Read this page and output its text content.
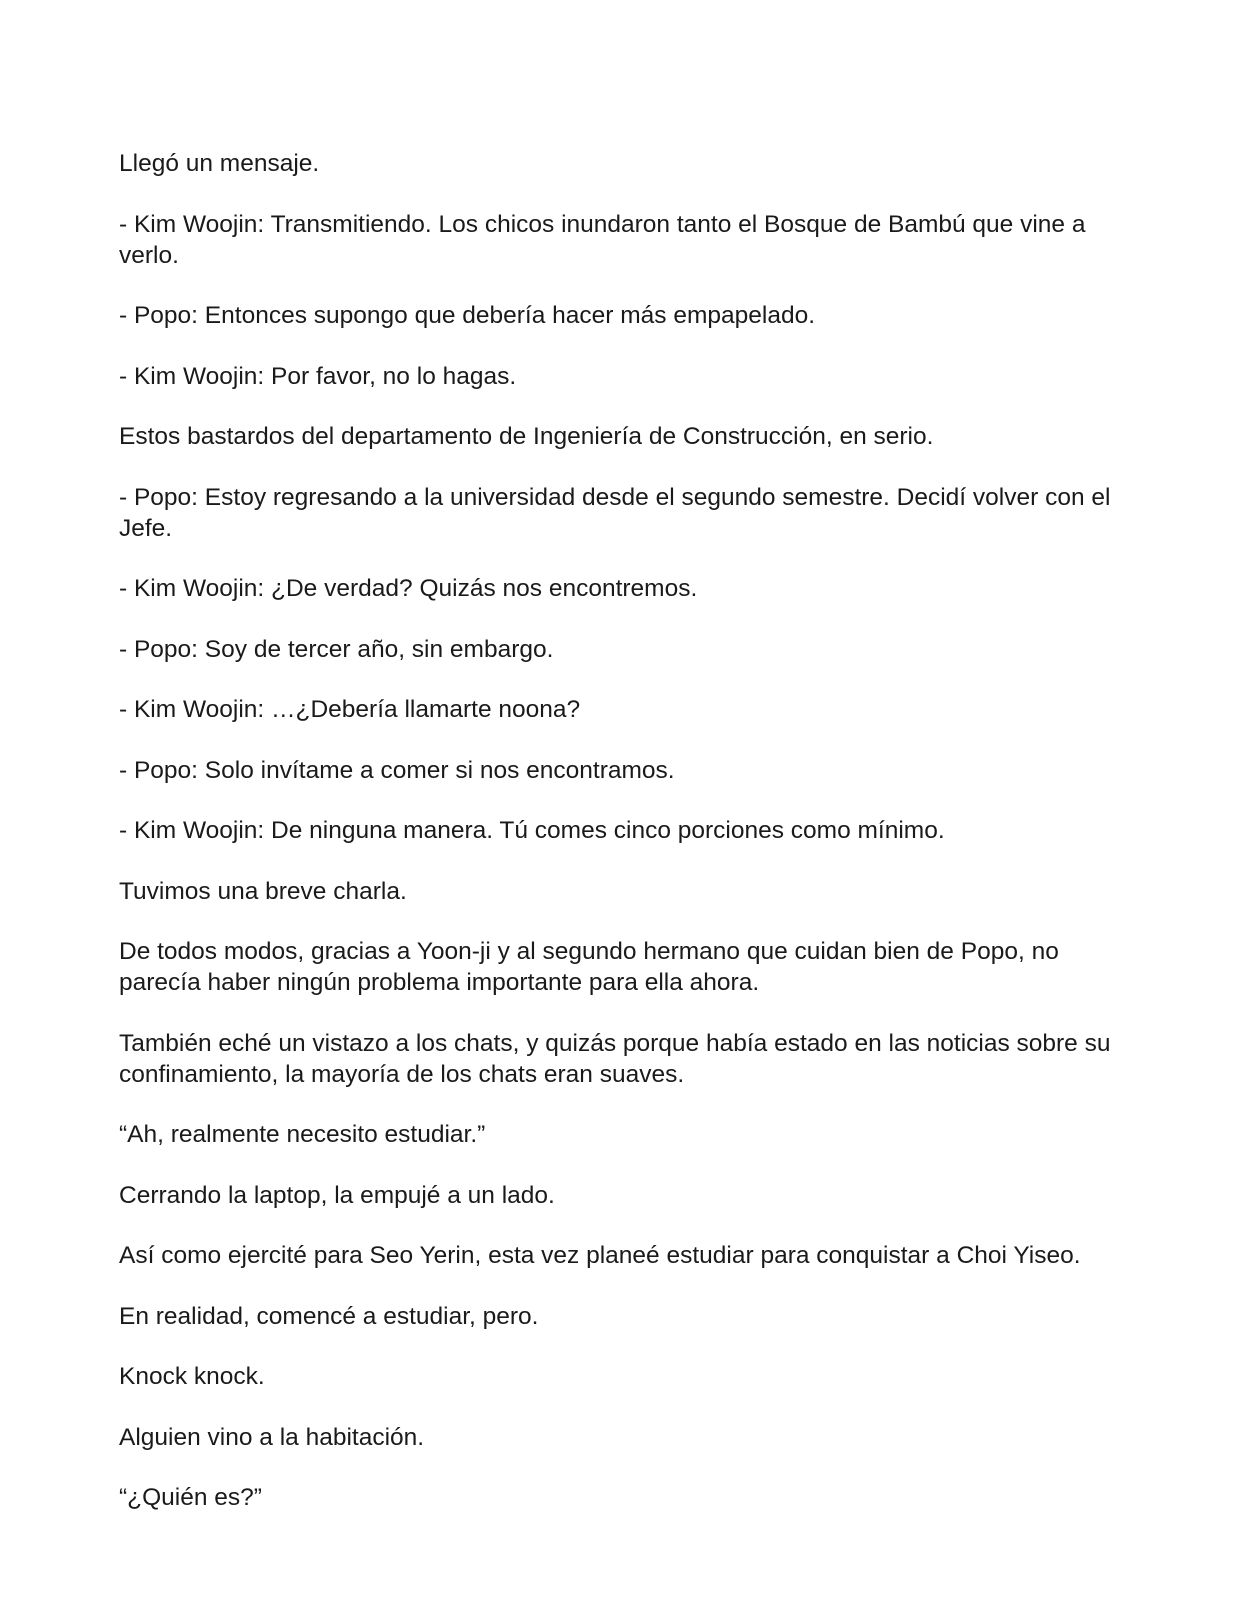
Llegó un mensaje.

- Kim Woojin: Transmitiendo. Los chicos inundaron tanto el Bosque de Bambú que vine a verlo.

- Popo: Entonces supongo que debería hacer más empapelado.

- Kim Woojin: Por favor, no lo hagas.

Estos bastardos del departamento de Ingeniería de Construcción, en serio.

- Popo: Estoy regresando a la universidad desde el segundo semestre. Decidí volver con el Jefe.

- Kim Woojin: ¿De verdad? Quizás nos encontremos.

- Popo: Soy de tercer año, sin embargo.

- Kim Woojin: …¿Debería llamarte noona?

- Popo: Solo invítame a comer si nos encontramos.

- Kim Woojin: De ninguna manera. Tú comes cinco porciones como mínimo.

Tuvimos una breve charla.

De todos modos, gracias a Yoon-ji y al segundo hermano que cuidan bien de Popo, no parecía haber ningún problema importante para ella ahora.

También eché un vistazo a los chats, y quizás porque había estado en las noticias sobre su confinamiento, la mayoría de los chats eran suaves.

“Ah, realmente necesito estudiar.”

Cerrando la laptop, la empujé a un lado.

Así como ejercité para Seo Yerin, esta vez planeé estudiar para conquistar a Choi Yiseo.

En realidad, comencé a estudiar, pero.

Knock knock.

Alguien vino a la habitación.

“¿Quién es?”
